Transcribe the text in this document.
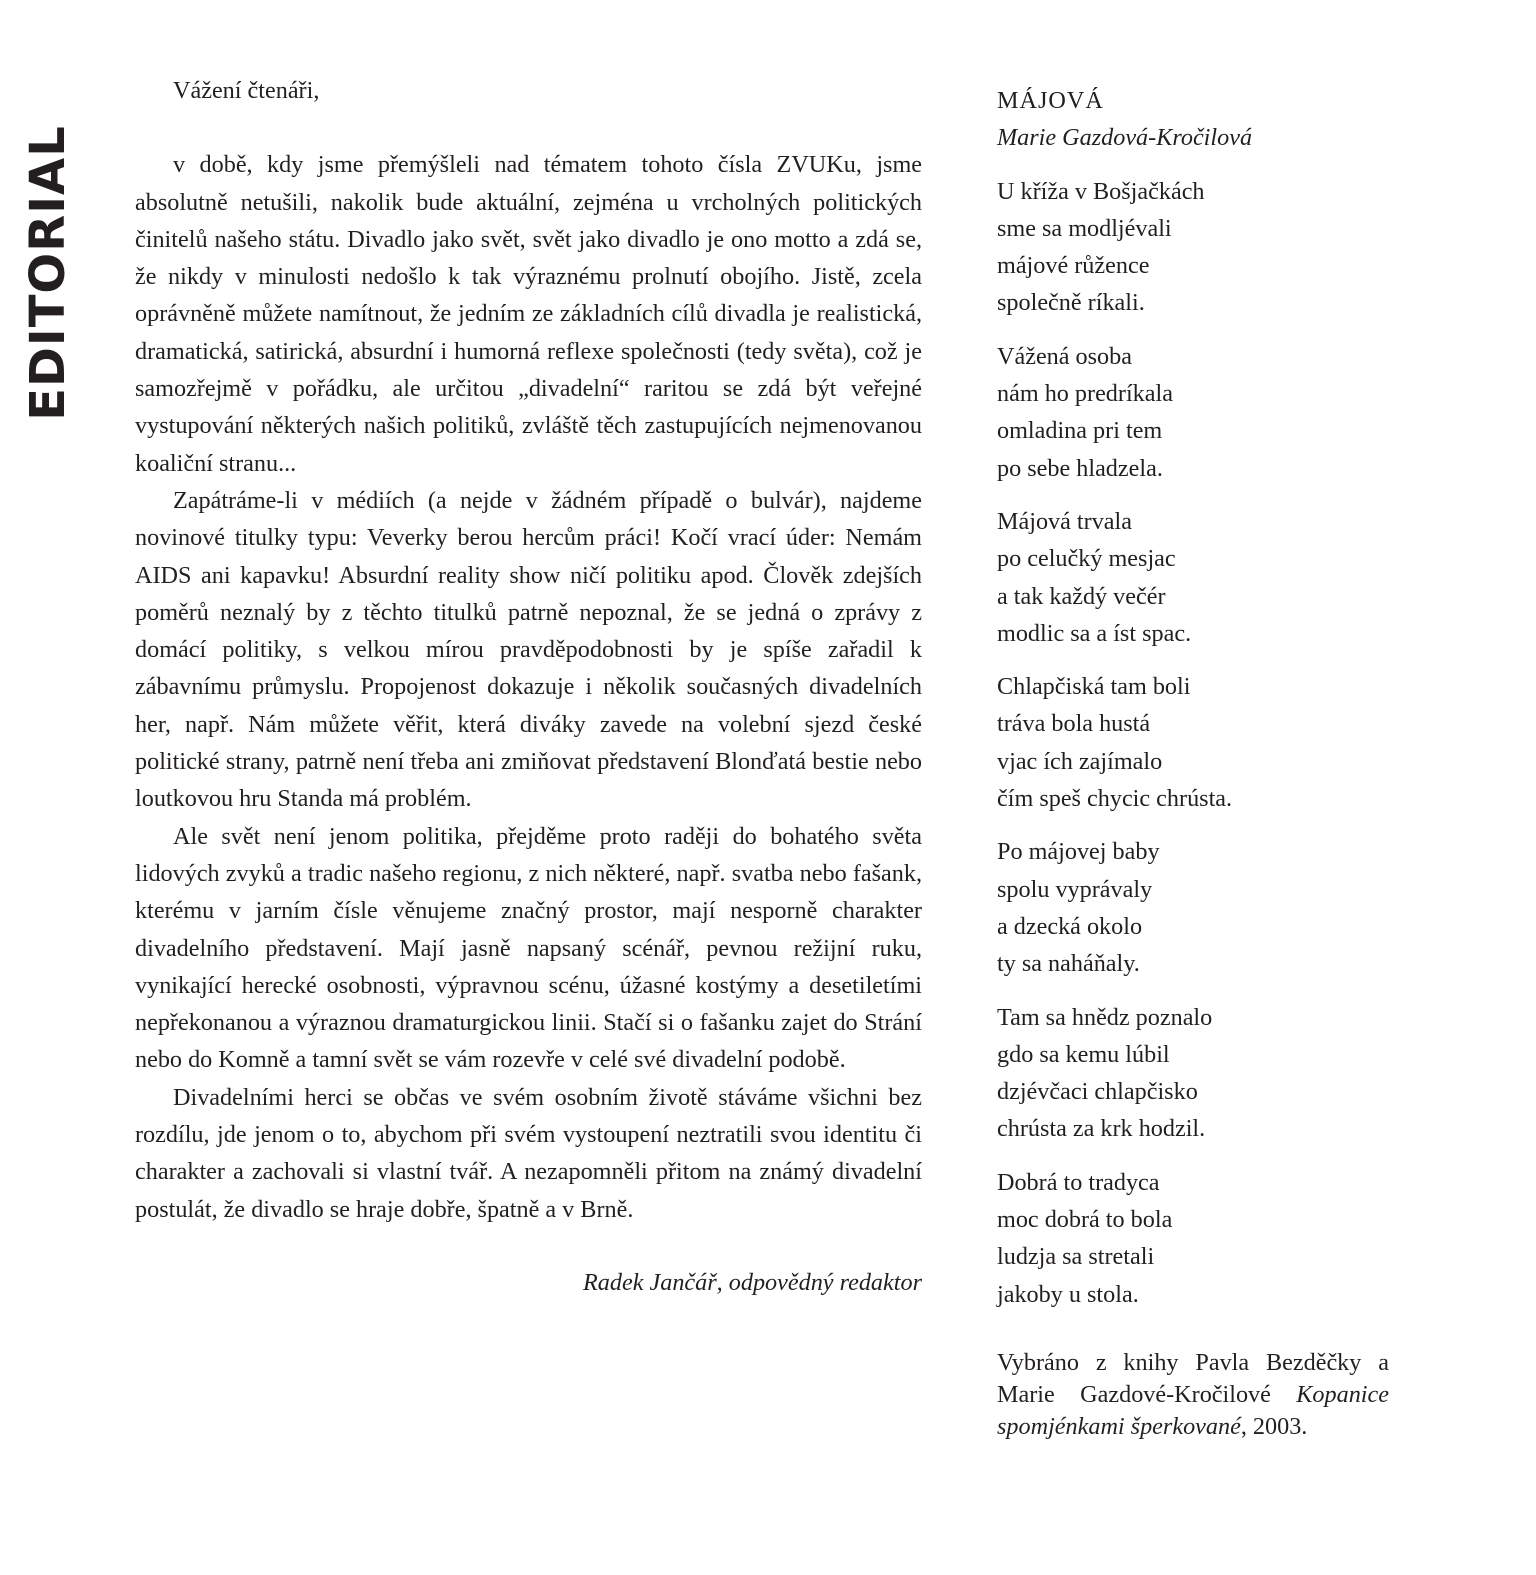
EDITORIAL

Vážení čtenáři,

v době, kdy jsme přemýšleli nad tématem tohoto čísla ZVUKu, jsme absolutně netušili, nakolik bude aktuální, zejména u vrcholných politických činitelů našeho státu. Divadlo jako svět, svět jako divadlo je ono motto a zdá se, že nikdy v minulosti nedošlo k tak výraznému prolnutí obojího. Jistě, zcela oprávněně můžete namítnout, že jedním ze základních cílů divadla je realistická, dramatická, satirická, absurdní i humorná reflexe společnosti (tedy světa), což je samozřejmě v pořádku, ale určitou „divadelní“ raritou se zdá být veřejné vystupování některých našich politiků, zvláště těch zastupujících nejmenovanou koaliční stranu...

Zapátráme-li v médiích (a nejde v žádném případě o bulvár), najdeme novinové titulky typu: Veverky berou hercům práci! Kočí vrací úder: Nemám AIDS ani kapavku! Absurdní reality show ničí politiku apod. Člověk zdejších poměrů neznalý by z těchto titulků patrně nepoznal, že se jedná o zprávy z domácí politiky, s velkou mírou pravděpodobnosti by je spíše zařadil k zábavnímu průmyslu. Propojenost dokazuje i několik současných divadelních her, např. Nám můžete věřit, která diváky zavede na volební sjezd české politické strany, patrně není třeba ani zmiňovat představení Blonďatá bestie nebo loutkovou hru Standa má problém.

Ale svět není jenom politika, přejděme proto raději do bohatého světa lidových zvyků a tradic našeho regionu, z nich některé, např. svatba nebo fašank, kterému v jarním čísle věnujeme značný prostor, mají nesporně charakter divadelního představení. Mají jasně napsaný scénář, pevnou režijní ruku, vynikající herecké osobnosti, výpravnou scénu, úžasné kostýmy a desetiletími nepřekonanou a výraznou dramaturgickou linii. Stačí si o fašanku zajet do Strání nebo do Komně a tamní svět se vám rozevře v celé své divadelní podobě.

Divadelními herci se občas ve svém osobním životě stáváme všichni bez rozdílu, jde jenom o to, abychom při svém vystoupení neztratili svou identitu či charakter a zachovali si vlastní tvář. A nezapomněli přitom na známý divadelní postulát, že divadlo se hraje dobře, špatně a v Brně.

Radek Jančář, odpovědný redaktor

MÁJOVÁ
Marie Gazdová-Kročilová
U kříža v Bošjačkách
sme sa modljévali
májové růžence
společně ríkali.
Vážená osoba
nám ho predríkala
omladina pri tem
po sebe hladzela.
Májová trvala
po celučký mesjac
a tak každý večér
modlic sa a íst spac.
Chlapčiská tam boli
tráva bola hustá
vjac ích zajímalo
čím speš chycic chrústa.
Po májovej baby
spolu vyprávaly
a dzecká okolo
ty sa naháňaly.
Tam sa hnědz poznalo
gdo sa kemu lúbil
dzjévčaci chlapčisko
chrústa za krk hodzil.
Dobrá to tradyca
moc dobrá to bola
ludzja sa stretali
jakoby u stola.
Vybráno z knihy Pavla Bezděčky a Marie Gazdové-Kročilové Kopanice spomjénkami šperkované, 2003.
